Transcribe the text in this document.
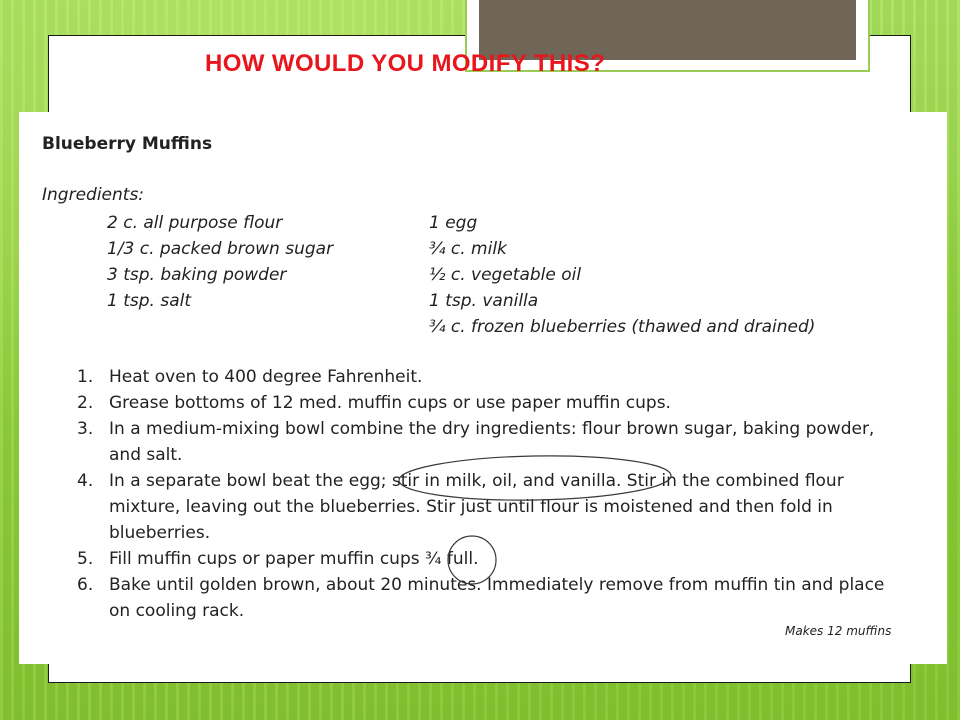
HOW WOULD YOU MODIFY THIS?
Blueberry Muffins
Ingredients:
2 c. all purpose flour
1/3 c. packed brown sugar
3 tsp. baking powder
1 tsp. salt
1 egg
¾ c. milk
½ c. vegetable oil
1 tsp. vanilla
¾ c. frozen blueberries (thawed and drained)
1. Heat oven to 400 degree Fahrenheit.
2. Grease bottoms of 12 med. muffin cups or use paper muffin cups.
3. In a medium-mixing bowl combine the dry ingredients: flour brown sugar, baking powder, and salt.
4. In a separate bowl beat the egg; stir in milk, oil, and vanilla. Stir in the combined flour mixture, leaving out the blueberries. Stir just until flour is moistened and then fold in blueberries.
5. Fill muffin cups or paper muffin cups ¾ full.
6. Bake until golden brown, about 20 minutes. Immediately remove from muffin tin and place on cooling rack.
Makes 12 muffins
